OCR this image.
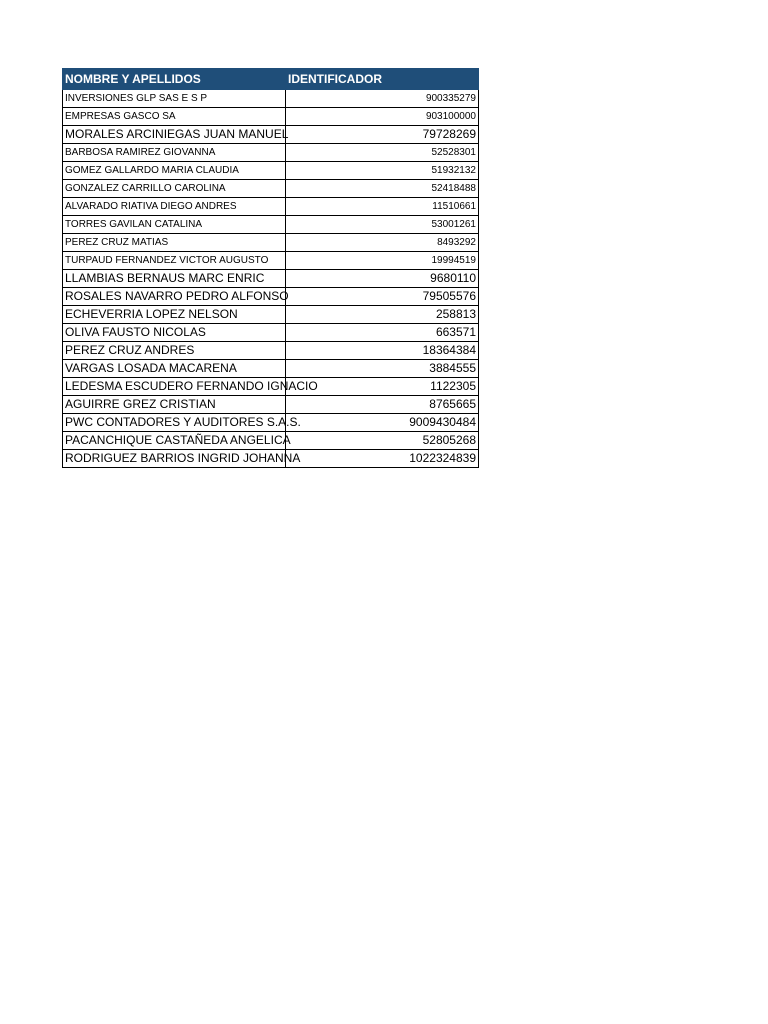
NOMBRE Y APELLIDOS	IDENTIFICADOR
INVERSIONES GLP SAS E S P	900335279
EMPRESAS GASCO SA	903100000
MORALES ARCINIEGAS JUAN MANUEL	79728269
BARBOSA RAMIREZ GIOVANNA	52528301
GOMEZ GALLARDO MARIA CLAUDIA	51932132
GONZALEZ CARRILLO CAROLINA	52418488
ALVARADO RIATIVA DIEGO ANDRES	11510661
TORRES GAVILAN CATALINA	53001261
PEREZ CRUZ MATIAS	8493292
TURPAUD FERNANDEZ VICTOR AUGUSTO	19994519
LLAMBIAS BERNAUS MARC ENRIC	9680110
ROSALES NAVARRO PEDRO ALFONSO	79505576
ECHEVERRIA LOPEZ NELSON	258813
OLIVA FAUSTO NICOLAS	663571
PEREZ CRUZ ANDRES	18364384
VARGAS LOSADA MACARENA	3884555
LEDESMA ESCUDERO FERNANDO IGNACIO	1122305
AGUIRRE GREZ CRISTIAN	8765665
PWC CONTADORES Y AUDITORES S.A.S.	9009430484
PACANCHIQUE CASTAÑEDA ANGELICA	52805268
RODRIGUEZ BARRIOS INGRID JOHANNA	1022324839
